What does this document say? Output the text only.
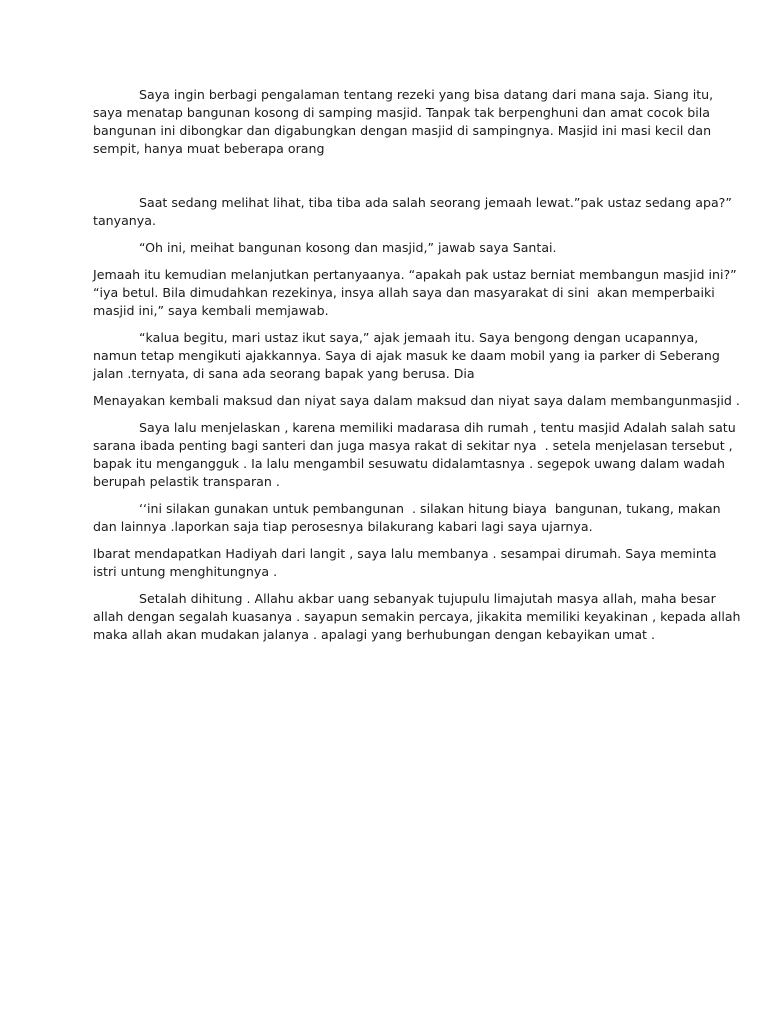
Saya ingin berbagi pengalaman tentang rezeki yang bisa datang dari mana saja. Siang itu,
saya menatap bangunan kosong di samping masjid. Tanpak tak berpenghuni dan amat cocok bila
bangunan ini dibongkar dan digabungkan dengan masjid di sampingnya. Masjid ini masi kecil dan
sempit, hanya muat beberapa orang

Saat sedang melihat lihat, tiba tiba ada salah seorang jemaah lewat.”pak ustaz sedang apa?”
tanyanya.

“Oh ini, meihat bangunan kosong dan masjid,” jawab saya Santai.

Jemaah itu kemudian melanjutkan pertanyaanya. “apakah pak ustaz berniat membangun masjid ini?”
“iya betul. Bila dimudahkan rezekinya, insya allah saya dan masyarakat di sini  akan memperbaiki
masjid ini,” saya kembali memjawab.

“kalua begitu, mari ustaz ikut saya,” ajak jemaah itu. Saya bengong dengan ucapannya,
namun tetap mengikuti ajakkannya. Saya di ajak masuk ke daam mobil yang ia parker di Seberang
jalan .ternyata, di sana ada seorang bapak yang berusa. Dia

Menayakan kembali maksud dan niyat saya dalam maksud dan niyat saya dalam membangunmasjid .

Saya lalu menjelaskan , karena memiliki madarasa dih rumah , tentu masjid Adalah salah satu
sarana ibada penting bagi santeri dan juga masya rakat di sekitar nya  . setela menjelasan tersebut ,
bapak itu mengangguk . Ia lalu mengambil sesuwatu didalamtasnya . segepok uwang dalam wadah
berupah pelastik transparan .

‘‘ini silakan gunakan untuk pembangunan  . silakan hitung biaya  bangunan, tukang, makan
dan lainnya .laporkan saja tiap perosesnya bilakurang kabari lagi saya ujarnya.

Ibarat mendapatkan Hadiyah dari langit , saya lalu membanya . sesampai dirumah. Saya meminta
istri untung menghitungnya .

Setalah dihitung . Allahu akbar uang sebanyak tujupulu limajutah masya allah, maha besar
allah dengan segalah kuasanya . sayapun semakin percaya, jikakita memiliki keyakinan , kepada allah
maka allah akan mudakan jalanya . apalagi yang berhubungan dengan kebayikan umat .
